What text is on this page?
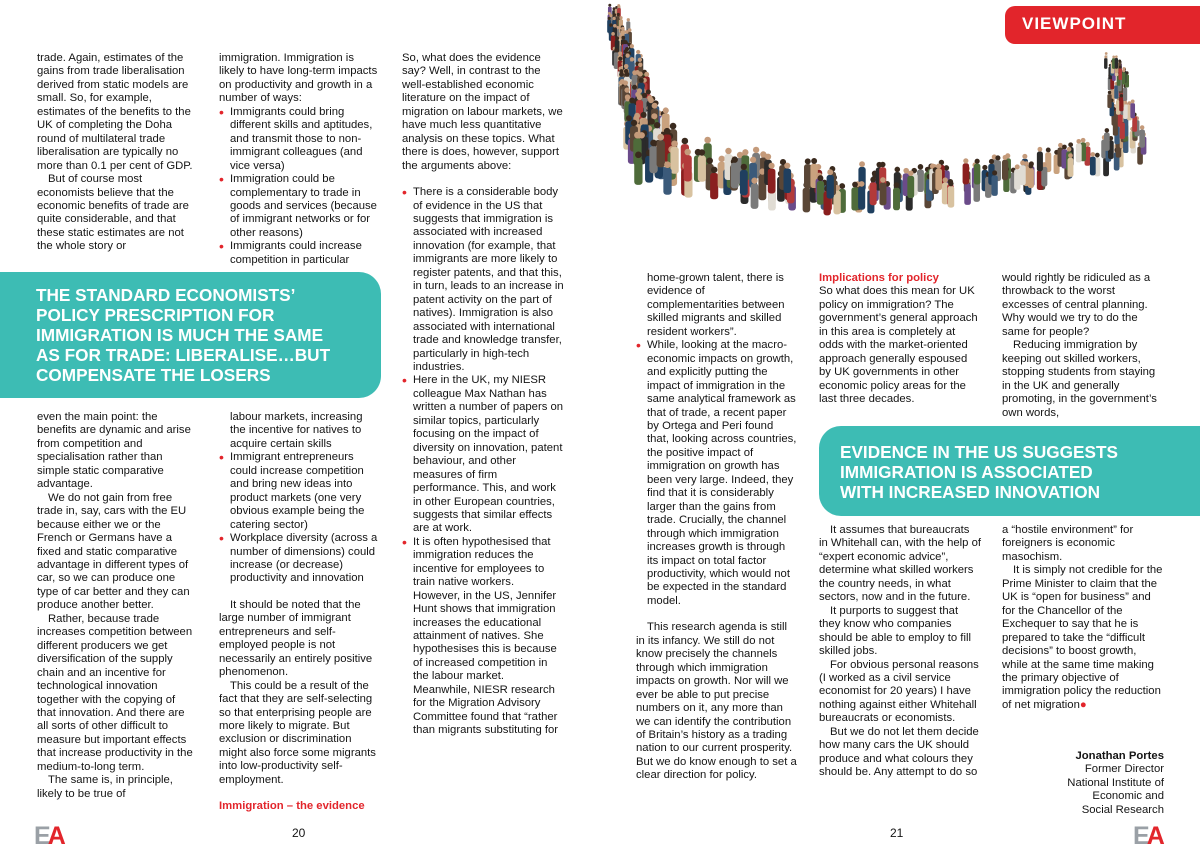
VIEWPOINT

trade. Again, estimates of the gains from trade liberalisation derived from static models are small. So, for example, estimates of the benefits to the UK of completing the Doha round of multilateral trade liberalisation are typically no more than 0.1 per cent of GDP.

But of course most economists believe that the economic benefits of trade are quite considerable, and that these static estimates are not the whole story or

immigration. Immigration is likely to have long-term impacts on productivity and growth in a number of ways:

• Immigrants could bring different skills and aptitudes, and transmit those to non-immigrant colleagues (and vice versa)
• Immigration could be complementary to trade in goods and services (because of immigrant networks or for other reasons)
• Immigrants could increase competition in particular

So, what does the evidence say? Well, in contrast to the well-established economic literature on the impact of migration on labour markets, we have much less quantitative analysis on these topics. What there is does, however, support the arguments above:

• There is a considerable body of evidence in the US that suggests that immigration is associated with increased innovation (for example, that immigrants are more likely to register patents, and that this, in turn, leads to an increase in patent activity on the part of natives). Immigration is also associated with international trade and knowledge transfer, particularly in high-tech industries.
• Here in the UK, my NIESR colleague Max Nathan has written a number of papers on similar topics, particularly focusing on the impact of diversity on innovation, patent behaviour, and other measures of firm performance. This, and work in other European countries, suggests that similar effects are at work.
• It is often hypothesised that immigration reduces the incentive for employees to train native workers. However, in the US, Jennifer Hunt shows that immigration increases the educational attainment of natives. She hypothesises this is because of increased competition in the labour market. Meanwhile, NIESR research for the Migration Advisory Committee found that “rather than migrants substituting for
THE STANDARD ECONOMISTS’
POLICY PRESCRIPTION FOR
IMMIGRATION IS MUCH THE SAME
AS FOR TRADE: LIBERALISE…BUT
COMPENSATE THE LOSERS

even the main point: the benefits are dynamic and arise from competition and specialisation rather than simple static comparative advantage.

We do not gain from free trade in, say, cars with the EU because either we or the French or Germans have a fixed and static comparative advantage in different types of car, so we can produce one type of car better and they can produce another better.

Rather, because trade increases competition between different producers we get diversification of the supply chain and an incentive for technological innovation together with the copying of that innovation. And there are all sorts of other difficult to measure but important effects that increase productivity in the medium-to-long term.

The same is, in principle, likely to be true of

labour markets, increasing the incentive for natives to acquire certain skills

• Immigrant entrepreneurs could increase competition and bring new ideas into product markets (one very obvious example being the catering sector)
• Workplace diversity (across a number of dimensions) could increase (or decrease) productivity and innovation

It should be noted that the large number of immigrant entrepreneurs and self-employed people is not necessarily an entirely positive phenomenon.

This could be a result of the fact that they are self-selecting so that enterprising people are more likely to migrate. But exclusion or discrimination might also force some migrants into low-productivity self-employment.

Immigration – the evidence

home-grown talent, there is evidence of complementarities between skilled migrants and skilled resident workers”.

• While, looking at the macro-economic impacts on growth, and explicitly putting the impact of immigration in the same analytical framework as that of trade, a recent paper by Ortega and Peri found that, looking across countries, the positive impact of immigration on growth has been very large. Indeed, they find that it is considerably larger than the gains from trade. Crucially, the channel through which immigration increases growth is through its impact on total factor productivity, which would not be expected in the standard model.

This research agenda is still in its infancy. We still do not know precisely the channels through which immigration impacts on growth. Nor will we ever be able to put precise numbers on it, any more than we can identify the contribution of Britain’s history as a trading nation to our current prosperity. But we do know enough to set a clear direction for policy.

Implications for policy

So what does this mean for UK policy on immigration? The government’s general approach in this area is completely at odds with the market-oriented approach generally espoused by UK governments in other economic policy areas for the last three decades.

would rightly be ridiculed as a throwback to the worst excesses of central planning. Why would we try to do the same for people?

Reducing immigration by keeping out skilled workers, stopping students from staying in the UK and generally promoting, in the government’s own words,

EVIDENCE IN THE US SUGGESTS
IMMIGRATION IS ASSOCIATED
WITH INCREASED INNOVATION

It assumes that bureaucrats in Whitehall can, with the help of “expert economic advice”, determine what skilled workers the country needs, in what sectors, now and in the future.

It purports to suggest that they know who companies should be able to employ to fill skilled jobs.

For obvious personal reasons (I worked as a civil service economist for 20 years) I have nothing against either Whitehall bureaucrats or economists.

But we do not let them decide how many cars the UK should produce and what colours they should be. Any attempt to do so

a “hostile environment” for foreigners is economic masochism.

It is simply not credible for the Prime Minister to claim that the UK is “open for business” and for the Chancellor of the Exchequer to say that he is prepared to take the “difficult decisions” to boost growth, while at the same time making the primary objective of immigration policy the reduction of net migration●

Jonathan Portes

Former Director

National Institute of

Economic and

Social Research

EA	20	21	EA
